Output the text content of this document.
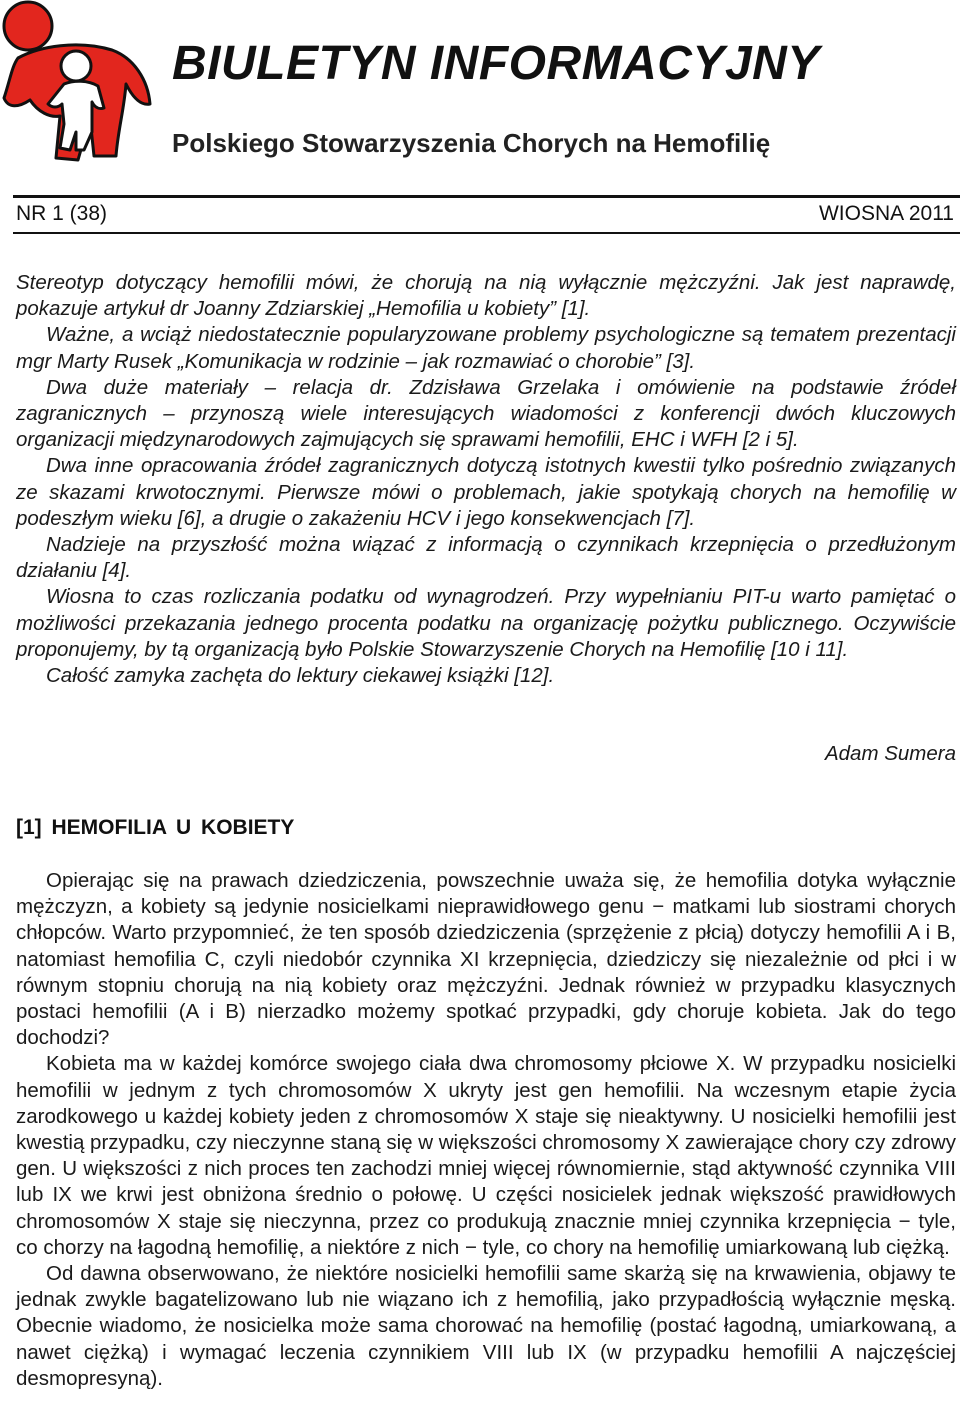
BIULETYN INFORMACYJNY
Polskiego Stowarzyszenia Chorych na Hemofilię
NR 1 (38)	WIOSNA 2011

Stereotyp dotyczący hemofilii mówi, że chorują na nią wyłącznie mężczyźni. Jak jest naprawdę, pokazuje artykuł dr Joanny Zdziarskiej „Hemofilia u kobiety” [1].

Ważne, a wciąż niedostatecznie popularyzowane problemy psychologiczne są tematem prezentacji mgr Marty Rusek „Komunikacja w rodzinie – jak rozmawiać o chorobie” [3].

Dwa duże materiały – relacja dr. Zdzisława Grzelaka i omówienie na podstawie źródeł zagranicznych – przynoszą wiele interesujących wiadomości z konferencji dwóch kluczowych organizacji międzynarodowych zajmujących się sprawami hemofilii, EHC i WFH [2 i 5].

Dwa inne opracowania źródeł zagranicznych dotyczą istotnych kwestii tylko pośrednio związanych ze skazami krwotocznymi. Pierwsze mówi o problemach, jakie spotykają chorych na hemofilię w podeszłym wieku [6], a drugie o zakażeniu HCV i jego konsekwencjach [7].

Nadzieje na przyszłość można wiązać z informacją o czynnikach krzepnięcia o przedłużonym działaniu [4].

Wiosna to czas rozliczania podatku od wynagrodzeń. Przy wypełnianiu PIT-u warto pamiętać o możliwości przekazania jednego procenta podatku na organizację pożytku publicznego. Oczywiście proponujemy, by tą organizacją było Polskie Stowarzyszenie Chorych na Hemofilię [10 i 11].

Całość zamyka zachęta do lektury ciekawej książki [12].

Adam Sumera
[1] HEMOFILIA U KOBIETY

Opierając się na prawach dziedziczenia, powszechnie uważa się, że hemofilia dotyka wyłącznie mężczyzn, a kobiety są jedynie nosicielkami nieprawidłowego genu − matkami lub siostrami chorych chłopców. Warto przypomnieć, że ten sposób dziedziczenia (sprzężenie z płcią) dotyczy hemofilii A i B, natomiast hemofilia C, czyli niedobór czynnika XI krzepnięcia, dziedziczy się niezależnie od płci i w równym stopniu chorują na nią kobiety oraz mężczyźni. Jednak również w przypadku klasycznych postaci hemofilii (A i B) nierzadko możemy spotkać przypadki, gdy choruje kobieta. Jak do tego dochodzi?

Kobieta ma w każdej komórce swojego ciała dwa chromosomy płciowe X. W przypadku nosicielki hemofilii w jednym z tych chromosomów X ukryty jest gen hemofilii. Na wczesnym etapie życia zarodkowego u każdej kobiety jeden z chromosomów X staje się nieaktywny. U nosicielki hemofilii jest kwestią przypadku, czy nieczynne staną się w większości chromosomy X zawierające chory czy zdrowy gen. U większości z nich proces ten zachodzi mniej więcej równomiernie, stąd aktywność czynnika VIII lub IX we krwi jest obniżona średnio o połowę. U części nosicielek jednak większość prawidłowych chromosomów X staje się nieczynna, przez co produkują znacznie mniej czynnika krzepnięcia − tyle, co chorzy na łagodną hemofilię, a niektóre z nich − tyle, co chory na hemofilię umiarkowaną lub ciężką.

Od dawna obserwowano, że niektóre nosicielki hemofilii same skarżą się na krwawienia, objawy te jednak zwykle bagatelizowano lub nie wiązano ich z hemofilią, jako przypadłością wyłącznie męską. Obecnie wiadomo, że nosicielka może sama chorować na hemofilię (postać łagodną, umiarkowaną, a nawet ciężką) i wymagać leczenia czynnikiem VIII lub IX (w przypadku hemofilii A najczęściej desmopresyną).
